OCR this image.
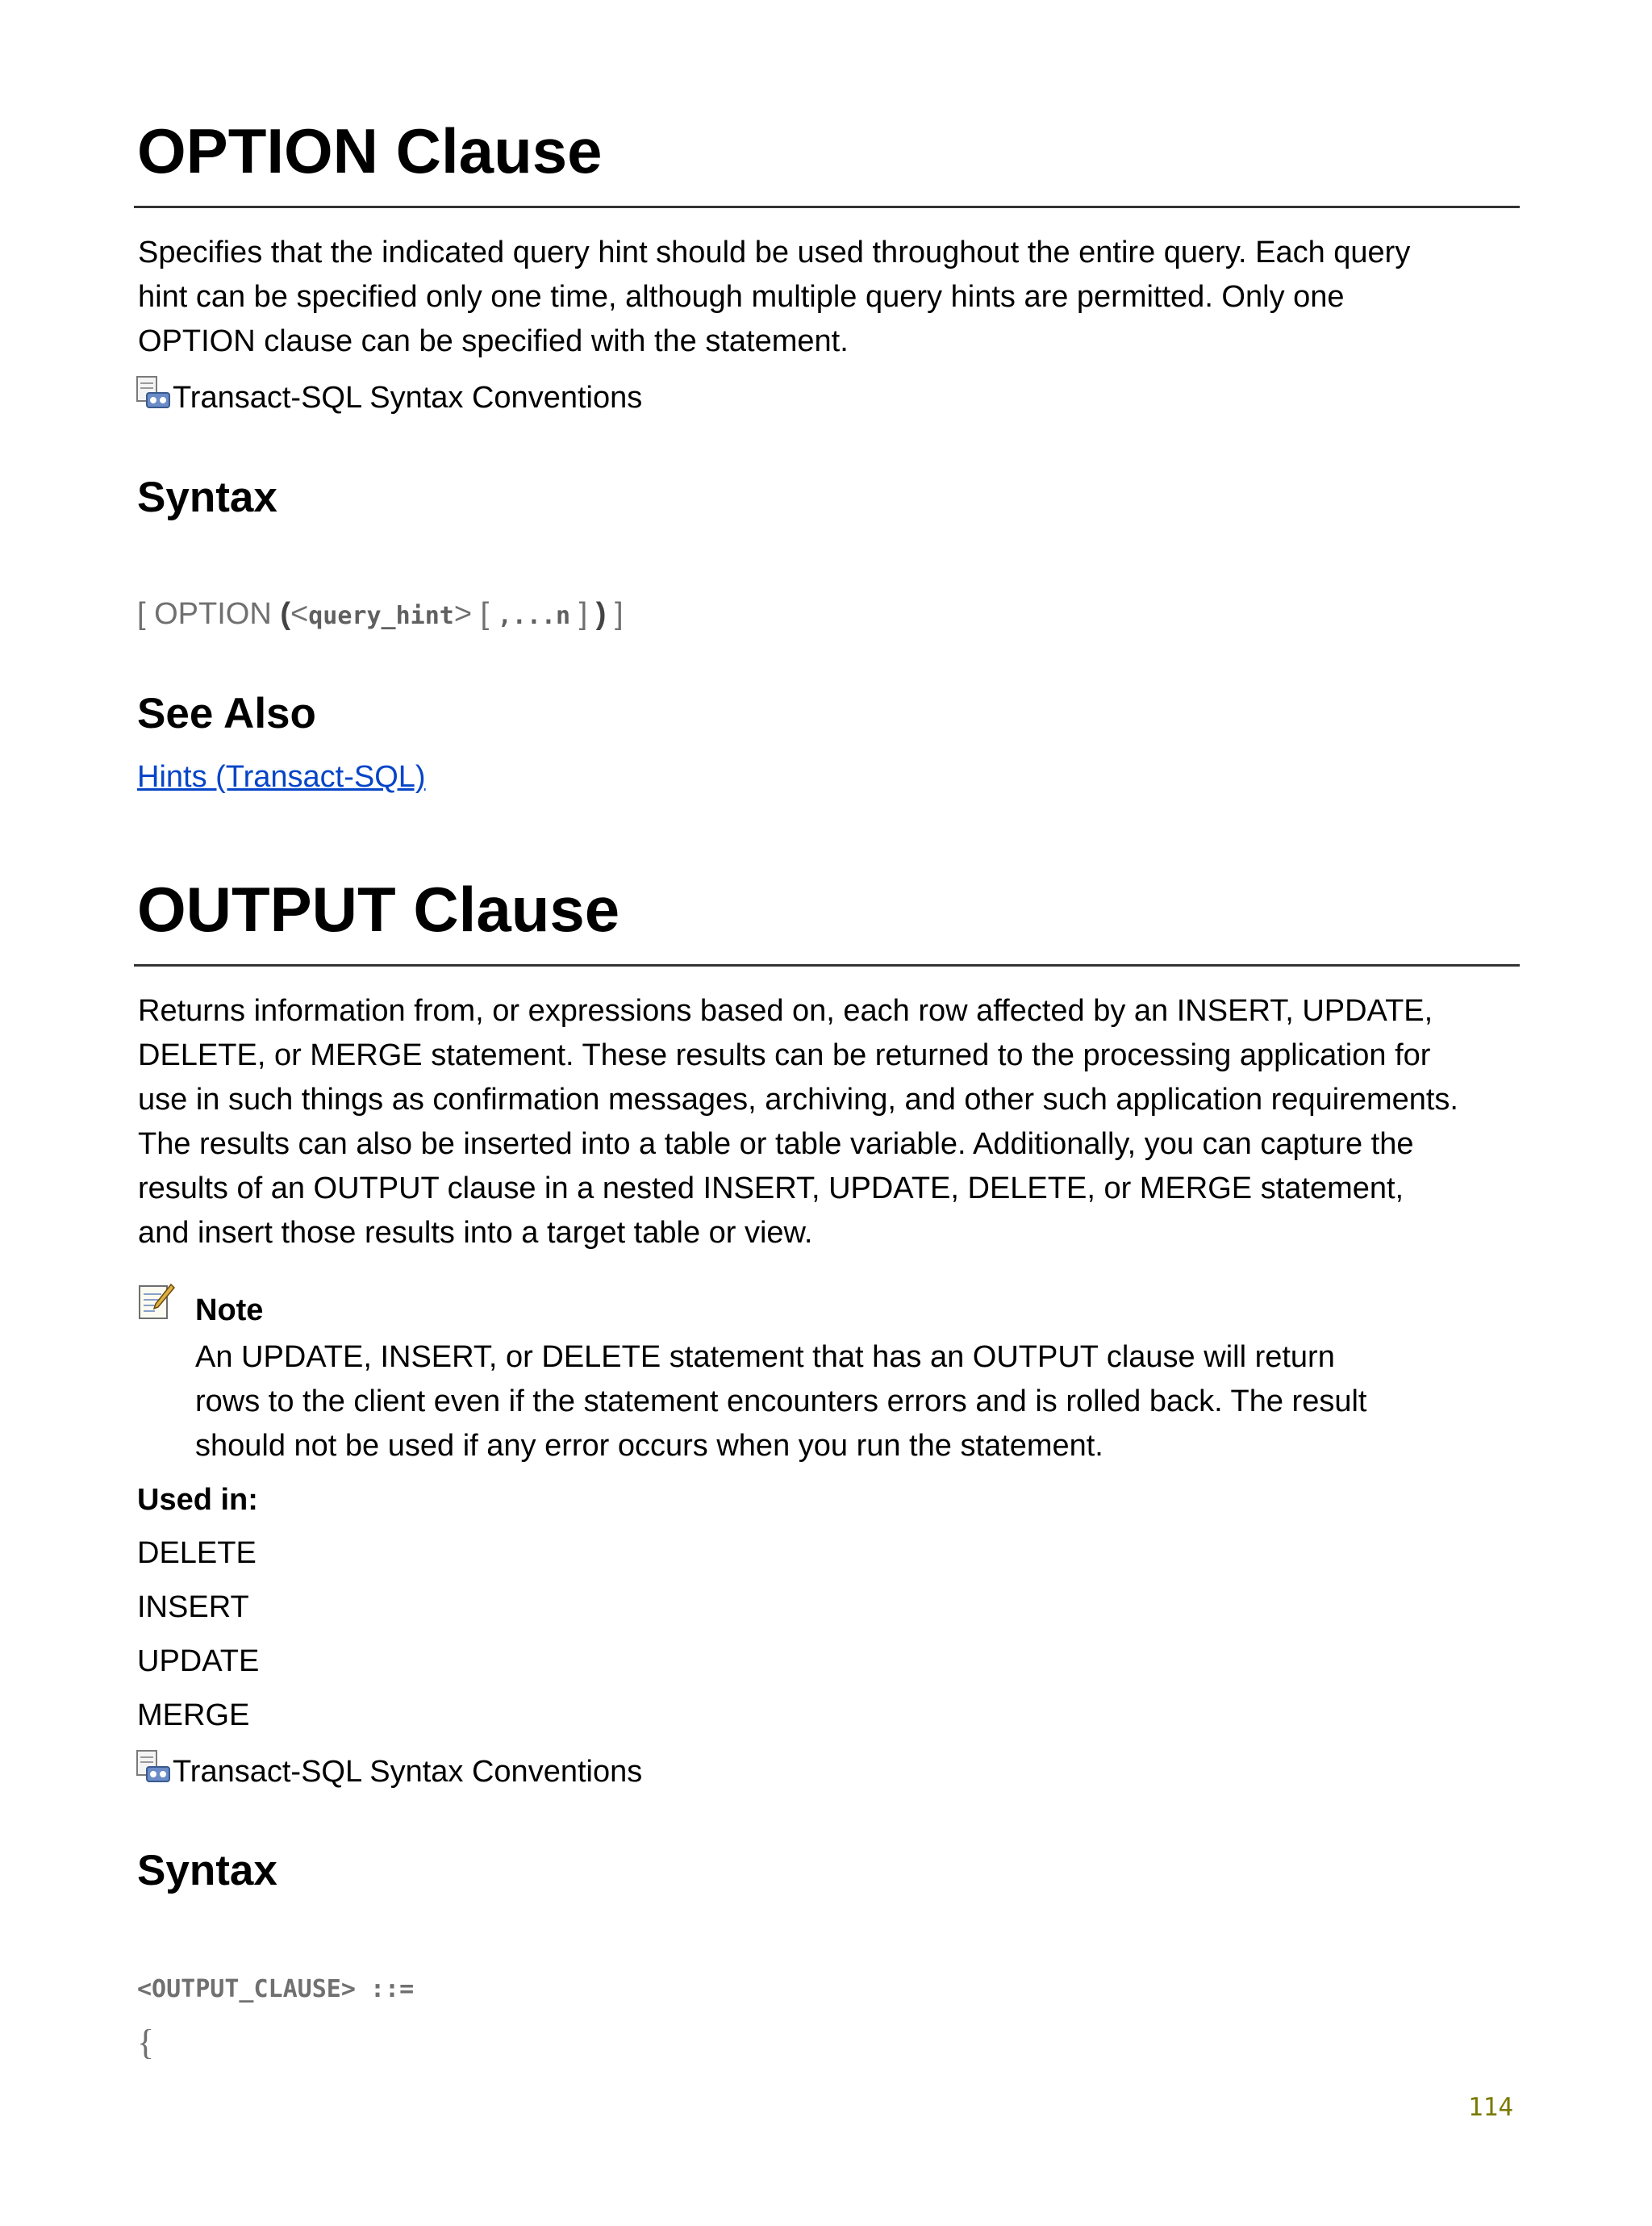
OPTION Clause
Specifies that the indicated query hint should be used throughout the entire query. Each query
hint can be specified only one time, although multiple query hints are permitted. Only one
OPTION clause can be specified with the statement.
Transact-SQL Syntax Conventions
Syntax
[ OPTION (<query_hint> [ ,...n ] ) ]
See Also
Hints (Transact-SQL)
OUTPUT Clause
Returns information from, or expressions based on, each row affected by an INSERT, UPDATE,
DELETE, or MERGE statement. These results can be returned to the processing application for
use in such things as confirmation messages, archiving, and other such application requirements.
The results can also be inserted into a table or table variable. Additionally, you can capture the
results of an OUTPUT clause in a nested INSERT, UPDATE, DELETE, or MERGE statement,
and insert those results into a target table or view.
Note
An UPDATE, INSERT, or DELETE statement that has an OUTPUT clause will return
rows to the client even if the statement encounters errors and is rolled back. The result
should not be used if any error occurs when you run the statement.
Used in:
DELETE
INSERT
UPDATE
MERGE
Transact-SQL Syntax Conventions
Syntax
<OUTPUT_CLAUSE> ::=
{
114
